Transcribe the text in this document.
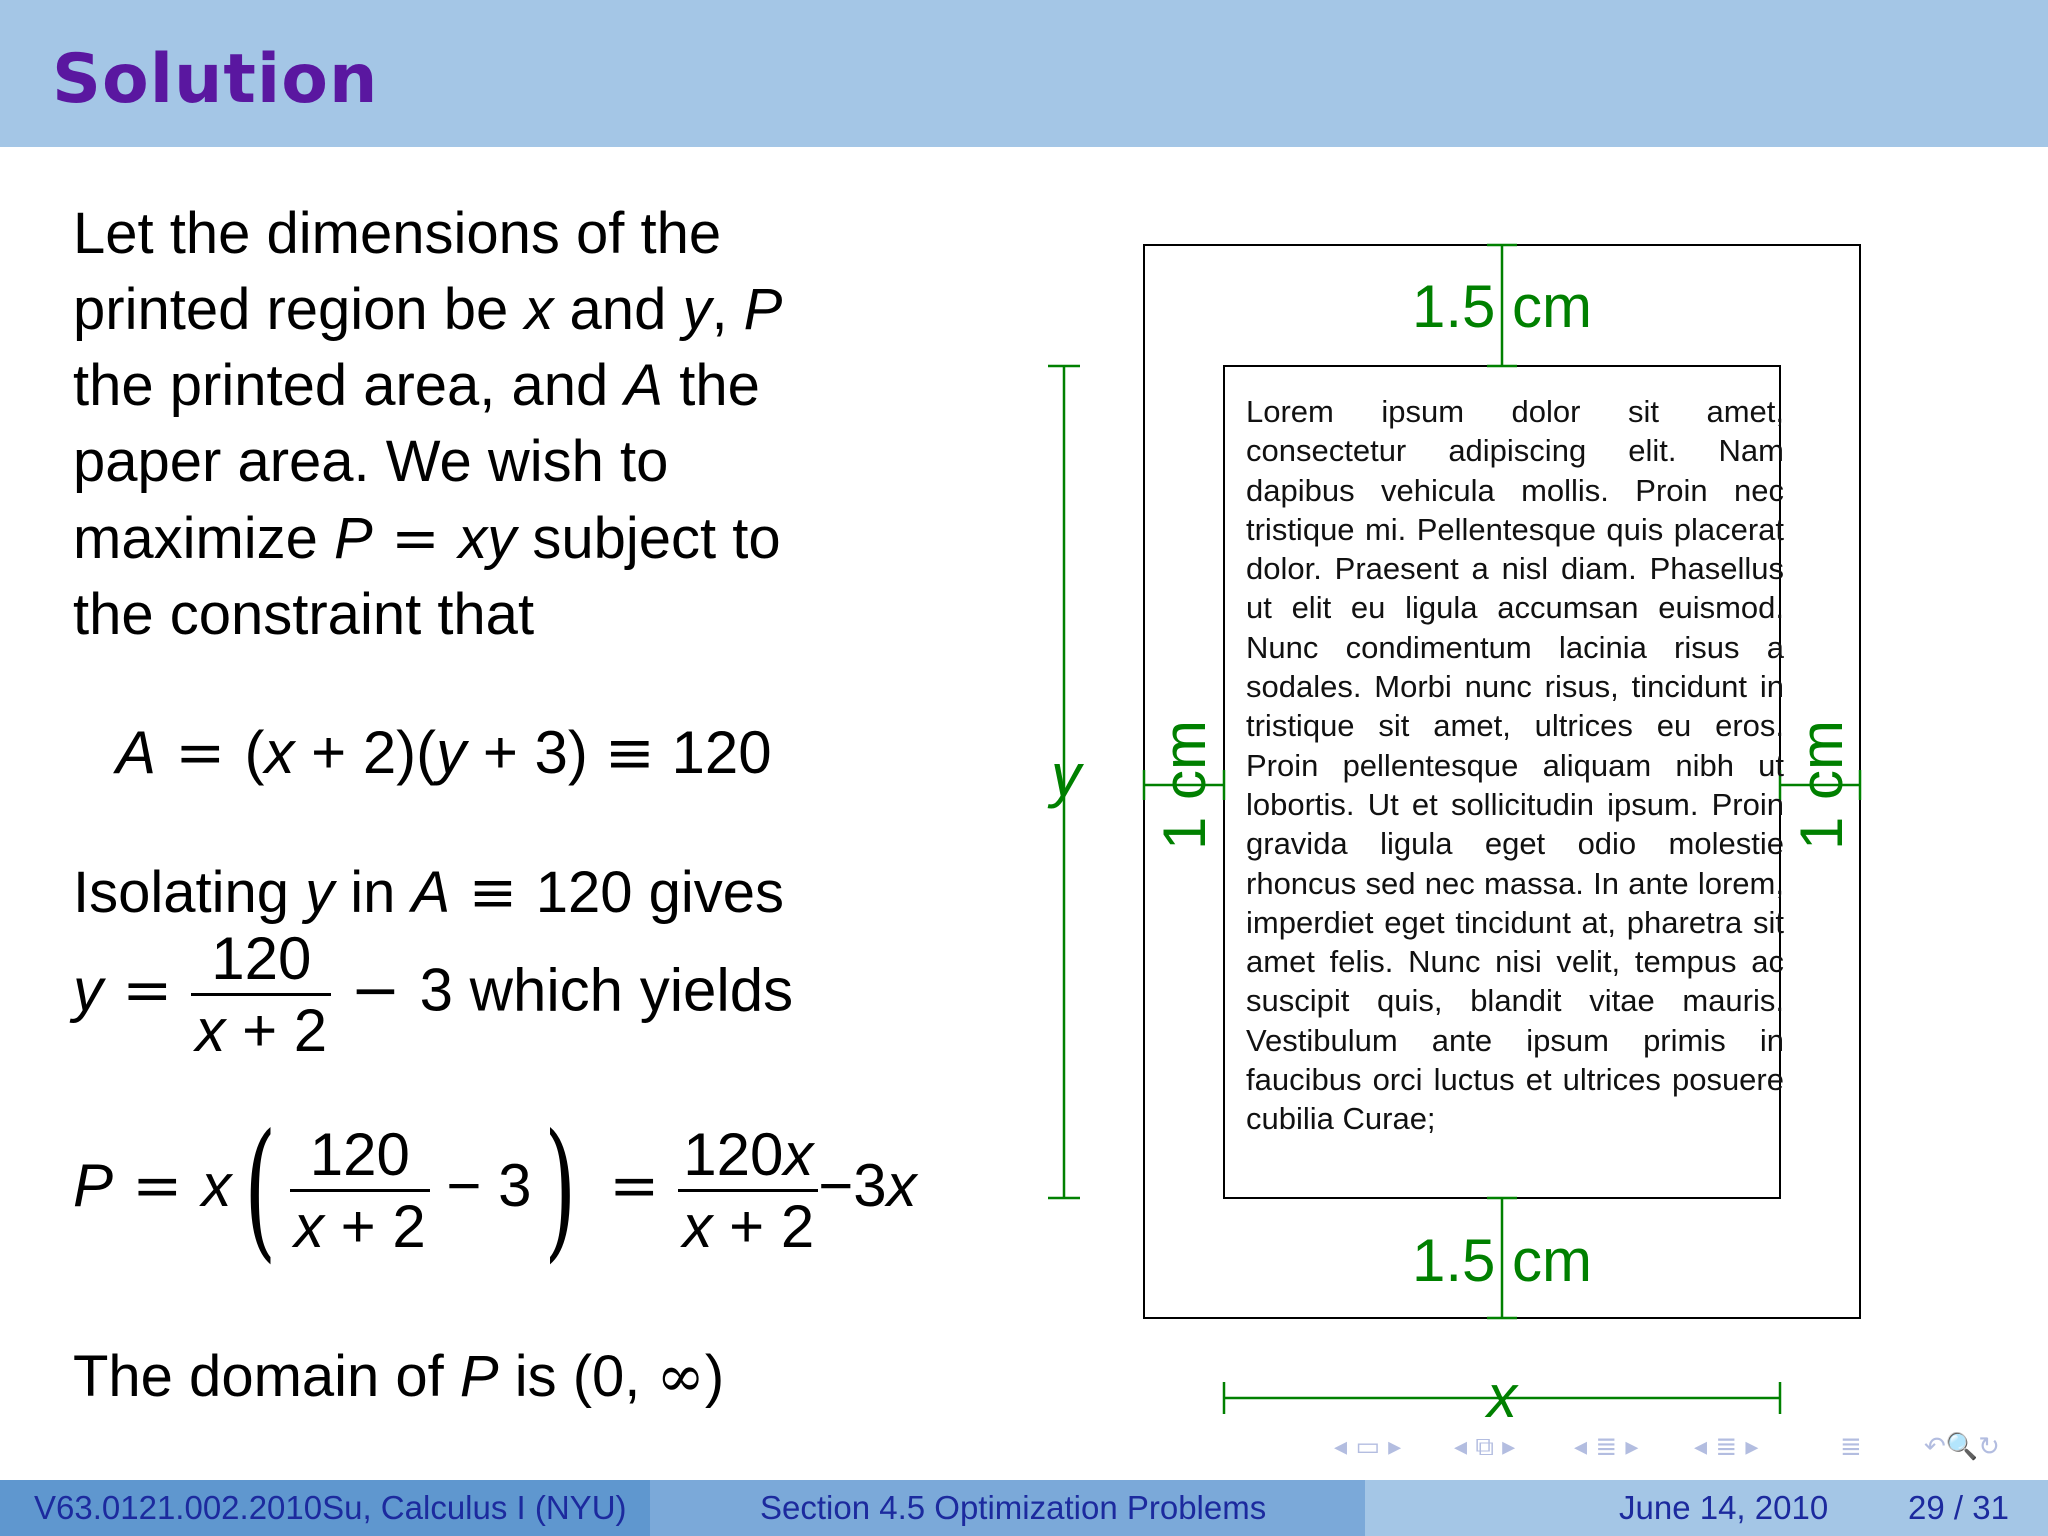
Solution
Let the dimensions of the
printed region be x and y, P
the printed area, and A the
paper area. We wish to
maximize P = xy subject to
the constraint that
A = (x + 2)(y + 3) ≡ 120
Isolating y in A ≡ 120 gives
$y = \frac{120}{x + 2} - 3$ which yields
$P = x( \frac{120}{x + 2} - 3) = \frac{120x}{x + 2} -3x$
The domain of P is (0, ∞)
1.5 cm
1.5 cm
1 cm	1 cm
y
x
Lorem ipsum dolor sit amet, consectetur adipiscing elit. Nam dapibus vehicula mollis. Proin nec tristique mi. Pellentesque quis placerat dolor. Praesent a nisl diam. Phasellus ut elit eu ligula accumsan euismod. Nunc condimentum lacinia risus a sodales. Morbi nunc risus, tincidunt in tristique sit amet, ultrices eu eros. Proin pellentesque aliquam nibh ut lobortis. Ut et sollicitudin ipsum. Proin gravida ligula eget odio molestie rhoncus sed nec massa. In ante lorem, imperdiet eget tincidunt at, pharetra sit amet felis. Nunc nisi velit, tempus ac suscipit quis, blandit vitae mauris. Vestibulum ante ipsum primis in faucibus orci luctus et ultrices posuere cubilia Curae;
◂ ▭ ▸ ◂ ⧉ ▸ ◂ ≣ ▸ ◂ ≣ ▸	≣ ↶🔍↻
V63.0121.002.2010Su, Calculus I (NYU)	Section 4.5 Optimization Problems	June 14, 2010 29 / 31
